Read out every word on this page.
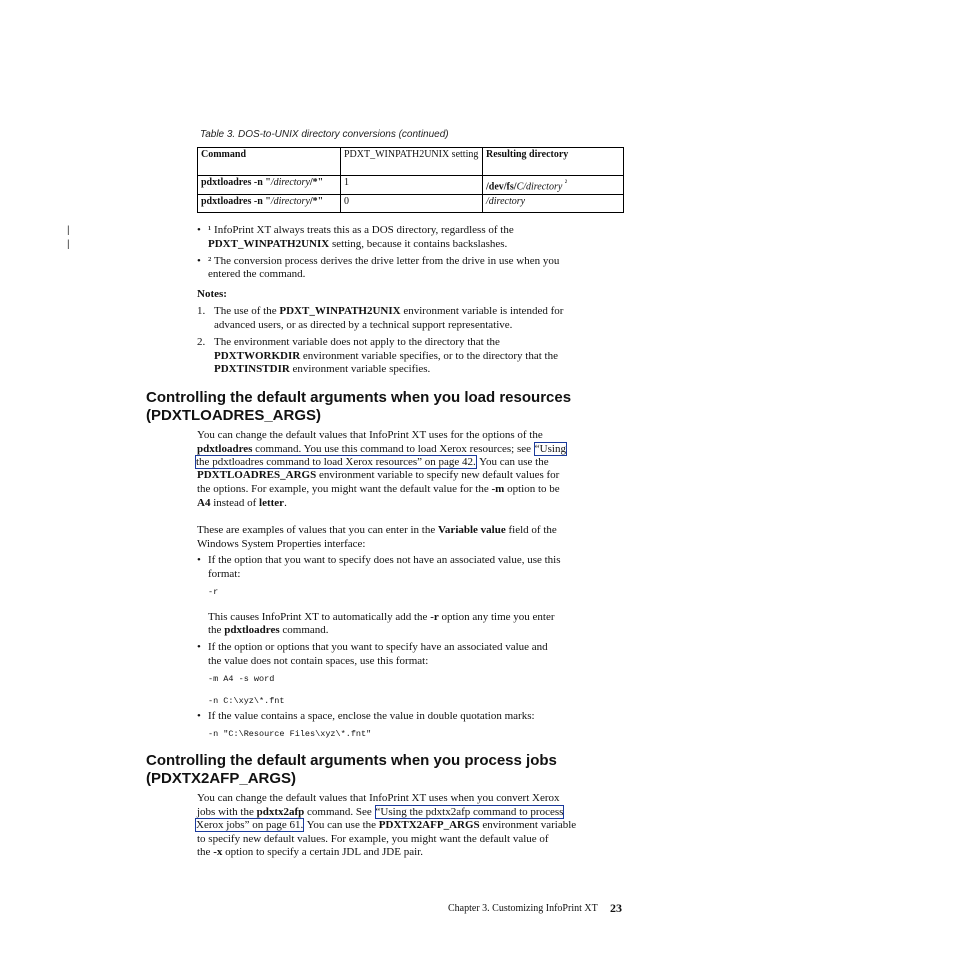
Table 3. DOS-to-UNIX directory conversions (continued)
Command	PDXT_WINPATH2UNIX setting	Resulting directory
pdxtloadres -n "/directory/*"	1	/dev/fs/C/directory $^{^2}$
pdxtloadres -n "/directory/*"	0	/directory
|
|
• ¹ InfoPrint XT always treats this as a DOS directory, regardless of the
PDXT_WINPATH2UNIX setting, because it contains backslashes.
• ² The conversion process derives the drive letter from the drive in use when you
entered the command.
Notes:
1. The use of the PDXT_WINPATH2UNIX environment variable is intended for
advanced users, or as directed by a technical support representative.
2. The environment variable does not apply to the directory that the
PDXTWORKDIR environment variable specifies, or to the directory that the
PDXTINSTDIR environment variable specifies.
Controlling the default arguments when you load resources
(PDXTLOADRES_ARGS)
You can change the default values that InfoPrint XT uses for the options of the
pdxtloadres command. You use this command to load Xerox resources; see “Using
the pdxtloadres command to load Xerox resources” on page 42. You can use the
PDXTLOADRES_ARGS environment variable to specify new default values for
the options. For example, you might want the default value for the -m option to be
A4 instead of letter.
These are examples of values that you can enter in the Variable value field of the
Windows System Properties interface:
• If the option that you want to specify does not have an associated value, use this
format:
-r
This causes InfoPrint XT to automatically add the -r option any time you enter
the pdxtloadres command.
• If the option or options that you want to specify have an associated value and
the value does not contain spaces, use this format:
-m A4 -s word
-n C:\xyz\*.fnt
• If the value contains a space, enclose the value in double quotation marks:
-n "C:\Resource Files\xyz\*.fnt"
Controlling the default arguments when you process jobs
(PDXTX2AFP_ARGS)
You can change the default values that InfoPrint XT uses when you convert Xerox
jobs with the pdxtx2afp command. See “Using the pdxtx2afp command to process
Xerox jobs” on page 61. You can use the PDXTX2AFP_ARGS environment variable
to specify new default values. For example, you might want the default value of
the -x option to specify a certain JDL and JDE pair.
Chapter 3. Customizing InfoPrint XT 23
